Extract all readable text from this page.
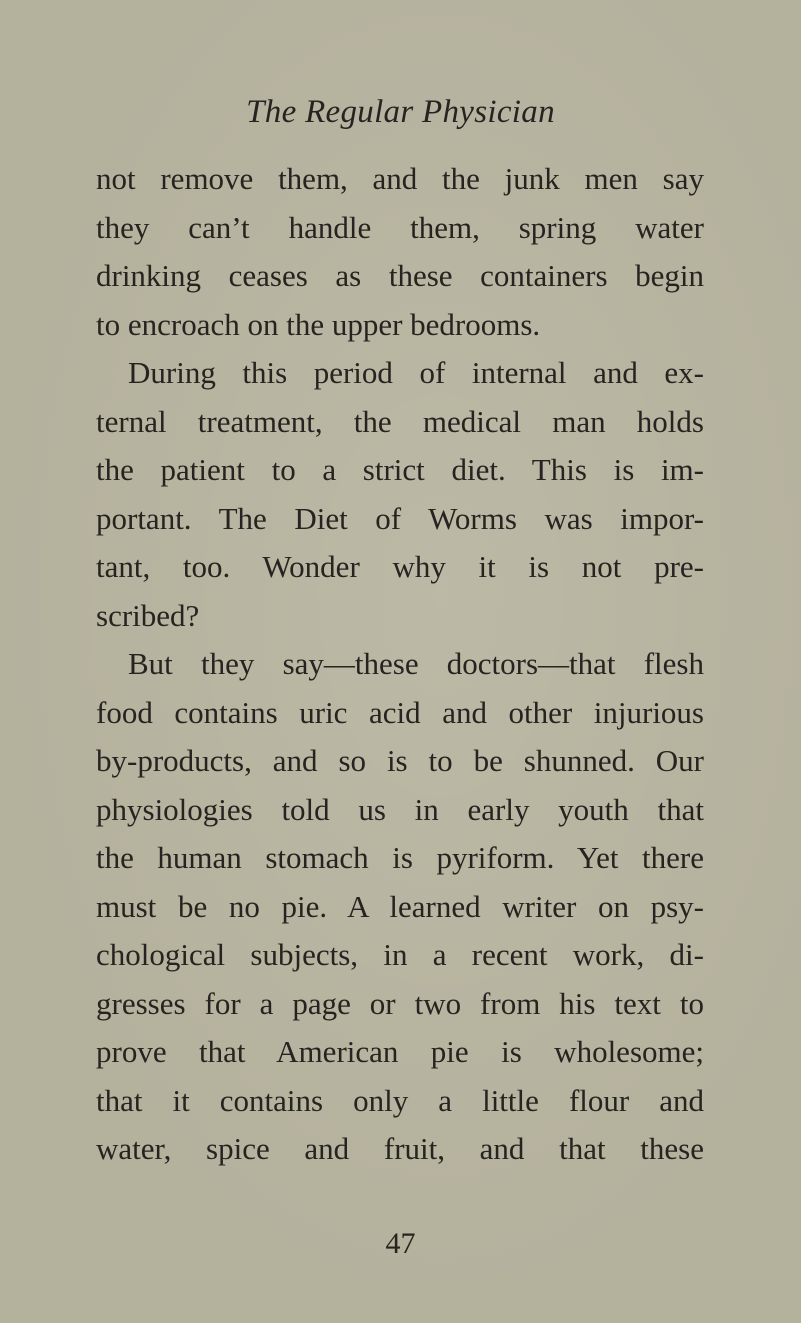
The Regular Physician
not remove them, and the junk men say
they can’t handle them, spring water
drinking ceases as these containers begin
to encroach on the upper bedrooms.
During this period of internal and ex-
ternal treatment, the medical man holds
the patient to a strict diet. This is im-
portant. The Diet of Worms was impor-
tant, too. Wonder why it is not pre-
scribed?
But they say—these doctors—that flesh
food contains uric acid and other injurious
by-products, and so is to be shunned. Our
physiologies told us in early youth that
the human stomach is pyriform. Yet there
must be no pie. A learned writer on psy-
chological subjects, in a recent work, di-
gresses for a page or two from his text to
prove that American pie is wholesome;
that it contains only a little flour and
water, spice and fruit, and that these
47
